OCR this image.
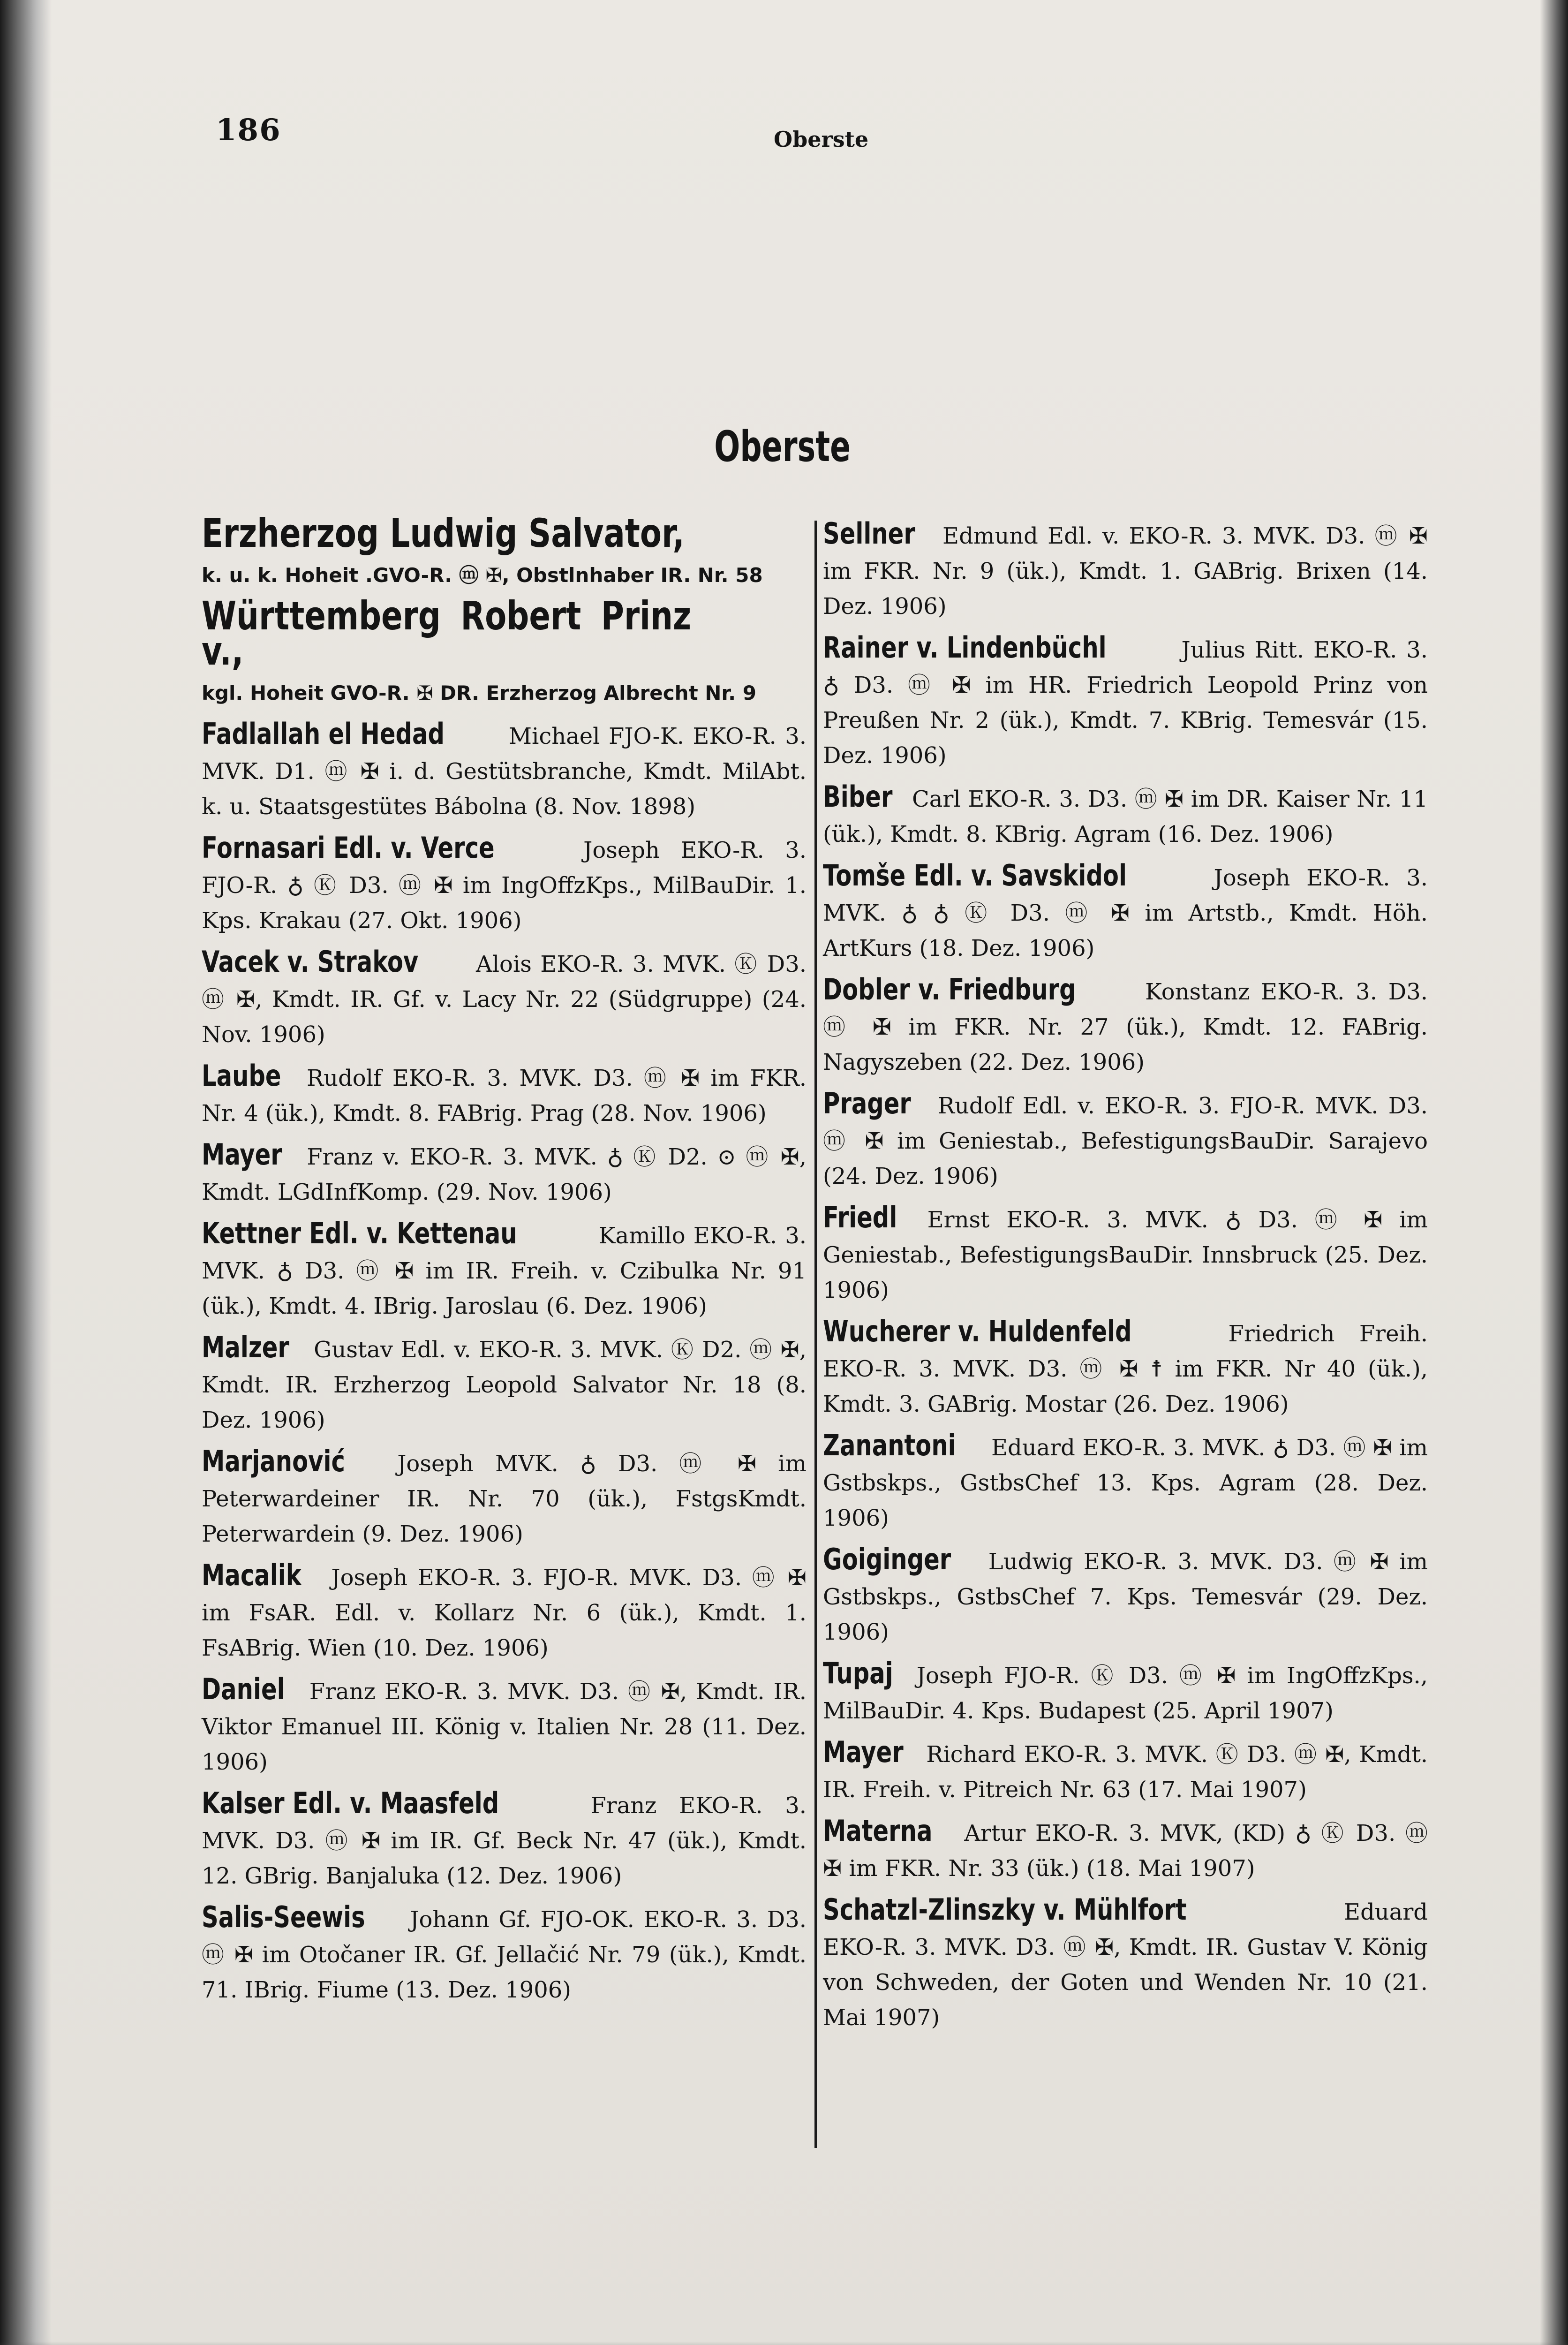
186	Oberste
Oberste

Erzherzog Ludwig Salvator, k. u. k. Hoheit .GVO-R. ⓜ ✠, Obstlnhaber IR. Nr. 58

Württemberg Robert Prinz v., kgl. Hoheit GVO-R. ✠ DR. Erzherzog Albrecht Nr. 9

Fadlallah el Hedad	Michael FJO-K. EKO-R. 3. MVK. D1. ⓜ ✠ i. d. Gestütsbranche, Kmdt. MilAbt. k. u. Staatsgestütes Bábolna (8. Nov. 1898)

Fornasari Edl. v. Verce	Joseph EKO-R. 3. FJO-R. ♁ Ⓚ D3. ⓜ ✠ im IngOffzKps., MilBauDir. 1. Kps. Krakau (27. Okt. 1906)

Vacek v. Strakov	Alois EKO-R. 3. MVK. Ⓚ D3. ⓜ ✠, Kmdt. IR. Gf. v. Lacy Nr. 22 (Südgruppe) (24. Nov. 1906)

Laube Rudolf EKO-R. 3. MVK. D3. ⓜ ✠ im FKR. Nr. 4 (ük.), Kmdt. 8. FABrig. Prag (28. Nov. 1906)

Mayer Franz v. EKO-R. 3. MVK. ♁ Ⓚ D2. ⊙ ⓜ ✠, Kmdt. LGdInfKomp. (29. Nov. 1906)

Kettner Edl. v. Kettenau	Kamillo EKO-R. 3. MVK. ♁ D3. ⓜ ✠ im IR. Freih. v. Czibulka Nr. 91 (ük.), Kmdt. 4. IBrig. Jaroslau (6. Dez. 1906)

Malzer Gustav Edl. v. EKO-R. 3. MVK. Ⓚ D2. ⓜ ✠, Kmdt. IR. Erzherzog Leopold Salvator Nr. 18 (8. Dez. 1906)

Marjanović Joseph MVK. ♁ D3. ⓜ ✠ im Peterwardeiner IR. Nr. 70 (ük.), FstgsKmdt. Peterwardein (9. Dez. 1906)

Macalik Joseph EKO-R. 3. FJO-R. MVK. D3. ⓜ ✠ im FsAR. Edl. v. Kollarz Nr. 6 (ük.), Kmdt. 1. FsABrig. Wien (10. Dez. 1906)

Daniel Franz EKO-R. 3. MVK. D3. ⓜ ✠, Kmdt. IR. Viktor Emanuel III. König v. Italien Nr. 28 (11. Dez. 1906)

Kalser Edl. v. Maasfeld	Franz EKO-R. 3. MVK. D3. ⓜ ✠ im IR. Gf. Beck Nr. 47 (ük.), Kmdt. 12. GBrig. Banjaluka (12. Dez. 1906)

Salis-Seewis Johann Gf. FJO-OK. EKO-R. 3. D3. ⓜ ✠ im Otočaner IR. Gf. Jellačić Nr. 79 (ük.), Kmdt. 71. IBrig. Fiume (13. Dez. 1906)

Sellner Edmund Edl. v. EKO-R. 3. MVK. D3. ⓜ ✠ im FKR. Nr. 9 (ük.), Kmdt. 1. GABrig. Brixen (14. Dez. 1906)

Rainer v. Lindenbüchl	Julius Ritt. EKO-R. 3. ♁ D3. ⓜ ✠ im HR. Friedrich Leopold Prinz von Preußen Nr. 2 (ük.), Kmdt. 7. KBrig. Temesvár (15. Dez. 1906)

Biber Carl EKO-R. 3. D3. ⓜ ✠ im DR. Kaiser Nr. 11 (ük.), Kmdt. 8. KBrig. Agram (16. Dez. 1906)

Tomše Edl. v. Savskidol	Joseph EKO-R. 3. MVK. ♁ ♁ Ⓚ D3. ⓜ ✠ im Artstb., Kmdt. Höh. ArtKurs (18. Dez. 1906)

Dobler v. Friedburg	Konstanz EKO-R. 3. D3. ⓜ ✠ im FKR. Nr. 27 (ük.), Kmdt. 12. FABrig. Nagyszeben (22. Dez. 1906)

Prager Rudolf Edl. v. EKO-R. 3. FJO-R. MVK. D3. ⓜ ✠ im Geniestab., BefestigungsBauDir. Sarajevo (24. Dez. 1906)

Friedl Ernst EKO-R. 3. MVK. ♁ D3. ⓜ ✠ im Geniestab., BefestigungsBauDir. Innsbruck (25. Dez. 1906)

Wucherer v. Huldenfeld	Friedrich Freih. EKO-R. 3. MVK. D3. ⓜ ✠ ☨ im FKR. Nr 40 (ük.), Kmdt. 3. GABrig. Mostar (26. Dez. 1906)

Zanantoni Eduard EKO-R. 3. MVK. ♁ D3. ⓜ ✠ im Gstbskps., GstbsChef 13. Kps. Agram (28. Dez. 1906)

Goiginger Ludwig EKO-R. 3. MVK. D3. ⓜ ✠ im Gstbskps., GstbsChef 7. Kps. Temesvár (29. Dez. 1906)

Tupaj Joseph FJO-R. Ⓚ D3. ⓜ ✠ im IngOffzKps., MilBauDir. 4. Kps. Budapest (25. April 1907)

Mayer Richard EKO-R. 3. MVK. Ⓚ D3. ⓜ ✠, Kmdt. IR. Freih. v. Pitreich Nr. 63 (17. Mai 1907)

Materna Artur EKO-R. 3. MVK, (KD) ♁ Ⓚ D3. ⓜ ✠ im FKR. Nr. 33 (ük.) (18. Mai 1907)

Schatzl-Zlinszky v. Mühlfort	Eduard EKO-R. 3. MVK. D3. ⓜ ✠, Kmdt. IR. Gustav V. König von Schweden, der Goten und Wenden Nr. 10 (21. Mai 1907)
